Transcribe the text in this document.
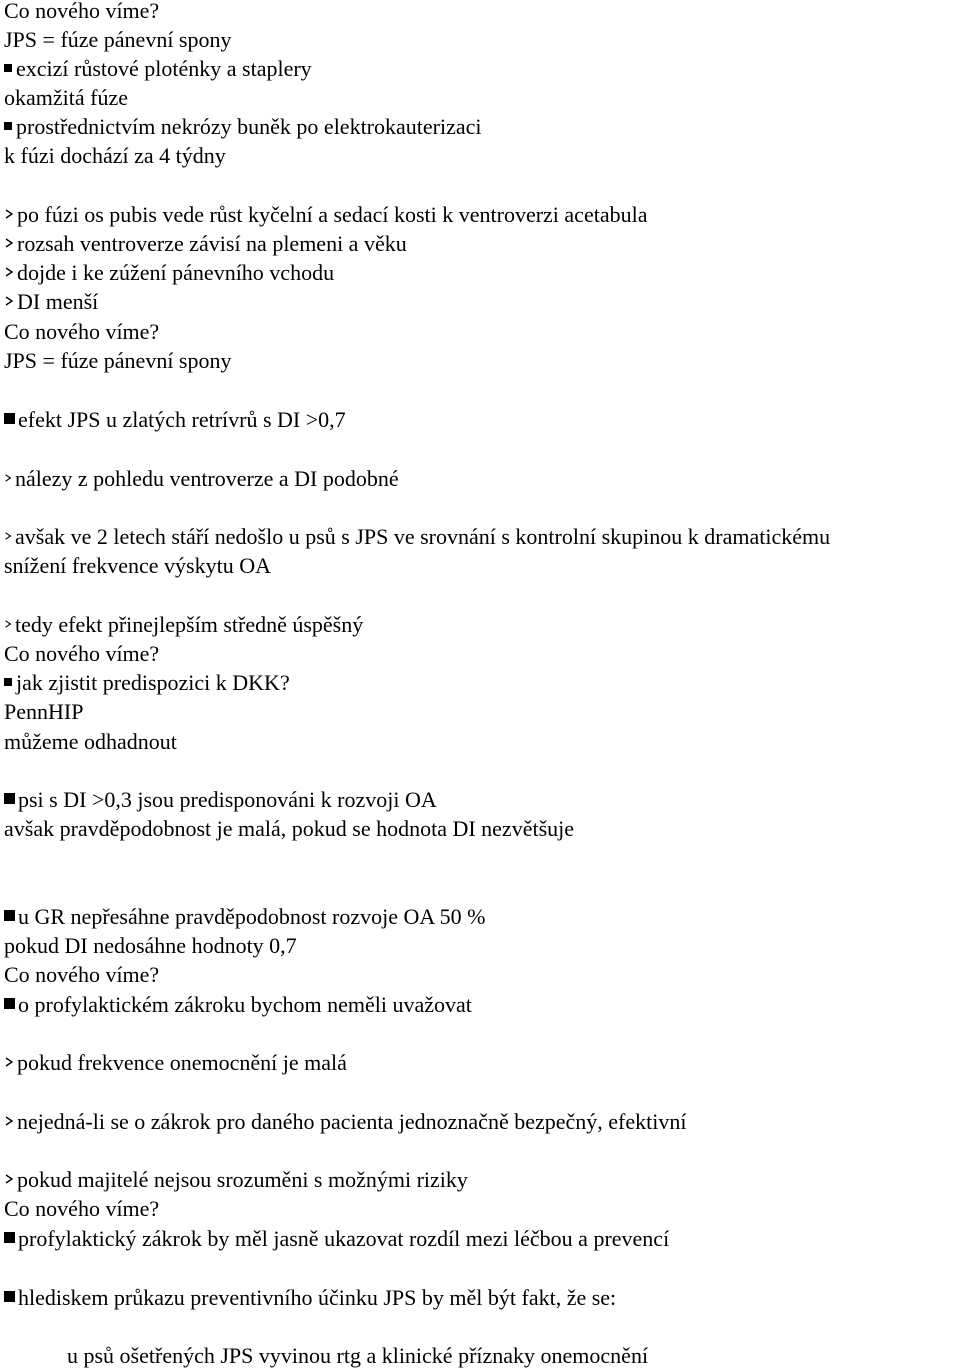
Co nového víme?
JPS = fúze pánevní spony
excizí růstové ploténky a staplery
okamžitá fúze
prostřednictvím nekrózy buněk po elektrokauterizaci
k fúzi dochází za 4 týdny
po fúzi os pubis vede růst kyčelní a sedací kosti k ventroverzi acetabula
rozsah ventroverze závisí na plemeni a věku
dojde i ke zúžení pánevního vchodu
DI menší
Co nového víme?
JPS = fúze pánevní spony
efekt JPS u zlatých retrívrů s DI >0,7
nálezy z pohledu ventroverze a DI podobné
avšak ve 2 letech stáří nedošlo u psů s JPS ve srovnání s kontrolní skupinou k dramatickému
snížení frekvence výskytu OA
tedy efekt přinejlepším středně úspěšný
Co nového víme?
jak zjistit predispozici k DKK?
PennHIP
můžeme odhadnout
psi s DI >0,3 jsou predisponováni k rozvoji OA
avšak pravděpodobnost je malá, pokud se hodnota DI nezvětšuje
u GR nepřesáhne pravděpodobnost rozvoje OA 50 %
pokud DI nedosáhne hodnoty 0,7
Co nového víme?
o profylaktickém zákroku bychom neměli uvažovat
pokud frekvence onemocnění je malá
nejedná-li se o zákrok pro daného pacienta jednoznačně bezpečný, efektivní
pokud majitelé nejsou srozuměni s možnými riziky
Co nového víme?
profylaktický zákrok by měl jasně ukazovat rozdíl mezi léčbou a prevencí
hlediskem průkazu preventivního účinku JPS by měl být fakt, že se:
u psů ošetřených JPS vyvinou rtg a klinické příznaky onemocnění
